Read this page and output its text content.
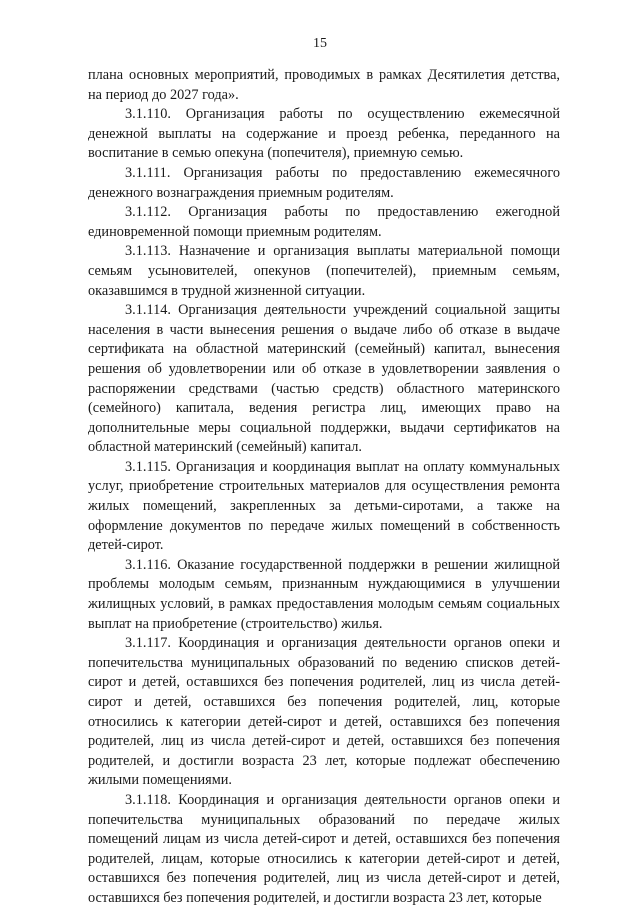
15

плана основных мероприятий, проводимых в рамках Десятилетия детства, на период до 2027 года».

3.1.110. Организация работы по осуществлению ежемесячной денежной выплаты на содержание и проезд ребенка, переданного на воспитание в семью опекуна (попечителя), приемную семью.

3.1.111. Организация работы по предоставлению ежемесячного денежного вознаграждения приемным родителям.

3.1.112. Организация работы по предоставлению ежегодной единовременной помощи приемным родителям.

3.1.113. Назначение и организация выплаты материальной помощи семьям усыновителей, опекунов (попечителей), приемным семьям, оказавшимся в трудной жизненной ситуации.

3.1.114. Организация деятельности учреждений социальной защиты населения в части вынесения решения о выдаче либо об отказе в выдаче сертификата на областной материнский (семейный) капитал, вынесения решения об удовлетворении или об отказе в удовлетворении заявления о распоряжении средствами (частью средств) областного материнского (семейного) капитала, ведения регистра лиц, имеющих право на дополнительные меры социальной поддержки, выдачи сертификатов на областной материнский (семейный) капитал.

3.1.115. Организация и координация выплат на оплату коммунальных услуг, приобретение строительных материалов для осуществления ремонта жилых помещений, закрепленных за детьми-сиротами, а также на оформление документов по передаче жилых помещений в собственность детей-сирот.

3.1.116. Оказание государственной поддержки в решении жилищной проблемы молодым семьям, признанным нуждающимися в улучшении жилищных условий, в рамках предоставления молодым семьям социальных выплат на приобретение (строительство) жилья.

3.1.117. Координация и организация деятельности органов опеки и попечительства муниципальных образований по ведению списков детей-сирот и детей, оставшихся без попечения родителей, лиц из числа детей-сирот и детей, оставшихся без попечения родителей, лиц, которые относились к категории детей-сирот и детей, оставшихся без попечения родителей, лиц из числа детей-сирот и детей, оставшихся без попечения родителей, и достигли возраста 23 лет, которые подлежат обеспечению жилыми помещениями.

3.1.118. Координация и организация деятельности органов опеки и попечительства муниципальных образований по передаче жилых помещений лицам из числа детей-сирот и детей, оставшихся без попечения родителей, лицам, которые относились к категории детей-сирот и детей, оставшихся без попечения родителей, лиц из числа детей-сирот и детей, оставшихся без попечения родителей, и достигли возраста 23 лет, которые
